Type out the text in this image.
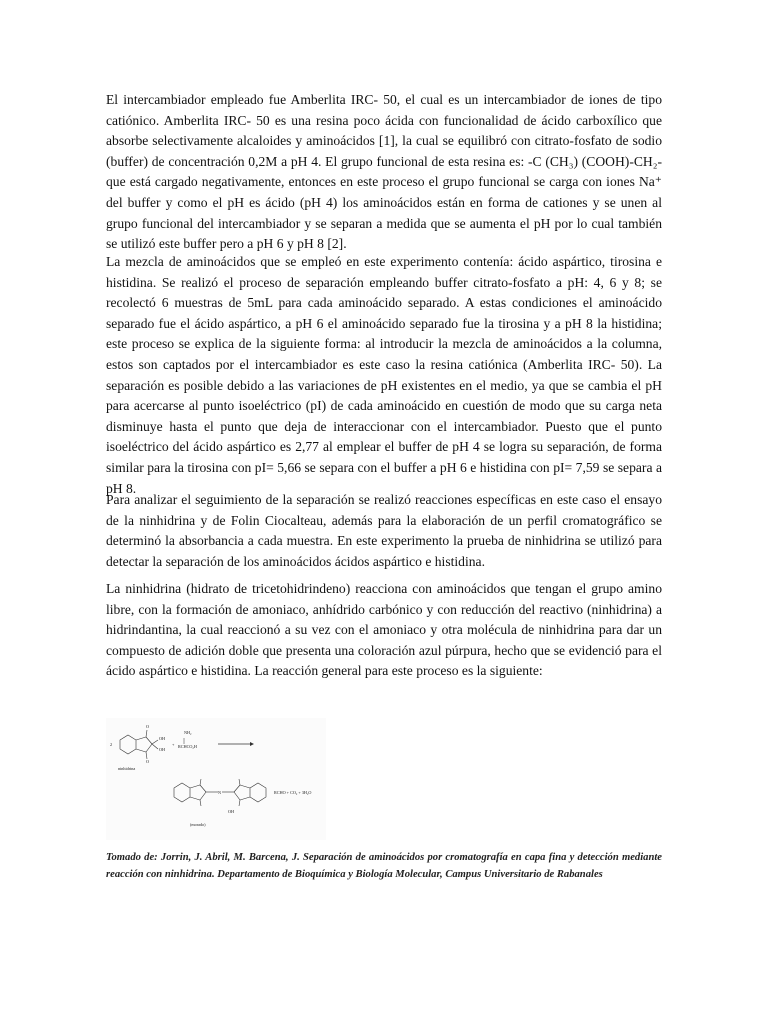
El intercambiador empleado fue Amberlita IRC- 50, el cual es un intercambiador de iones de tipo catiónico. Amberlita IRC- 50 es una resina poco ácida con funcionalidad de ácido carboxílico que absorbe selectivamente alcaloides y aminoácidos [1], la cual se equilibró con citrato-fosfato de sodio (buffer) de concentración 0,2M a pH 4. El grupo funcional de esta resina es: -C (CH₃) (COOH)-CH₂- que está cargado negativamente, entonces en este proceso el grupo funcional se carga con iones Na⁺ del buffer y como el pH es ácido (pH 4) los aminoácidos están en forma de cationes y se unen al grupo funcional del intercambiador y se separan a medida que se aumenta el pH por lo cual también se utilizó este buffer pero a pH 6 y pH 8 [2].

La mezcla de aminoácidos que se empleó en este experimento contenía: ácido aspártico, tirosina e histidina. Se realizó el proceso de separación empleando buffer citrato-fosfato a pH: 4, 6 y 8; se recolectó 6 muestras de 5mL para cada aminoácido separado. A estas condiciones el aminoácido separado fue el ácido aspártico, a pH 6 el aminoácido separado fue la tirosina y a pH 8 la histidina; este proceso se explica de la siguiente forma: al introducir la mezcla de aminoácidos a la columna, estos son captados por el intercambiador es este caso la resina catiónica (Amberlita IRC- 50). La separación es posible debido a las variaciones de pH existentes en el medio, ya que se cambia el pH para acercarse al punto isoeléctrico (pI) de cada aminoácido en cuestión de modo que su carga neta disminuye hasta el punto que deja de interaccionar con el intercambiador. Puesto que el punto isoeléctrico del ácido aspártico es 2,77 al emplear el buffer de pH 4 se logra su separación, de forma similar para la tirosina con pI= 5,66 se separa con el buffer a pH 6 e histidina con pI= 7,59 se separa a pH 8.

Para analizar el seguimiento de la separación se realizó reacciones específicas en este caso el ensayo de la ninhidrina y de Folin Ciocalteau, además para la elaboración de un perfil cromatográfico se determinó la absorbancia a cada muestra. En este experimento la prueba de ninhidrina se utilizó para detectar la separación de los aminoácidos ácidos aspártico e histidina.

La ninhidrina (hidrato de tricetohidrindeno) reacciona con aminoácidos que tengan el grupo amino libre, con la formación de amoniaco, anhídrido carbónico y con reducción del reactivo (ninhidrina) a hidrindantina, la cual reaccionó a su vez con el amoniaco y otra molécula de ninhidrina para dar un compuesto de adición doble que presenta una coloración azul púrpura, hecho que se evidenció para el ácido aspártico e histidina. La reacción general para este proceso es la siguiente:

2
O
O
OH
OH
ninhidrina
+
NH₂
RCHCO₂H
N
OH
(morado)
RCHO + CO₂ + 3H₂O

Tomado de: Jorrin, J. Abril, M. Barcena, J. Separación de aminoácidos por cromatografía en capa fina y detección mediante reacción con ninhidrina. Departamento de Bioquímica y Biología Molecular, Campus Universitario de Rabanales
